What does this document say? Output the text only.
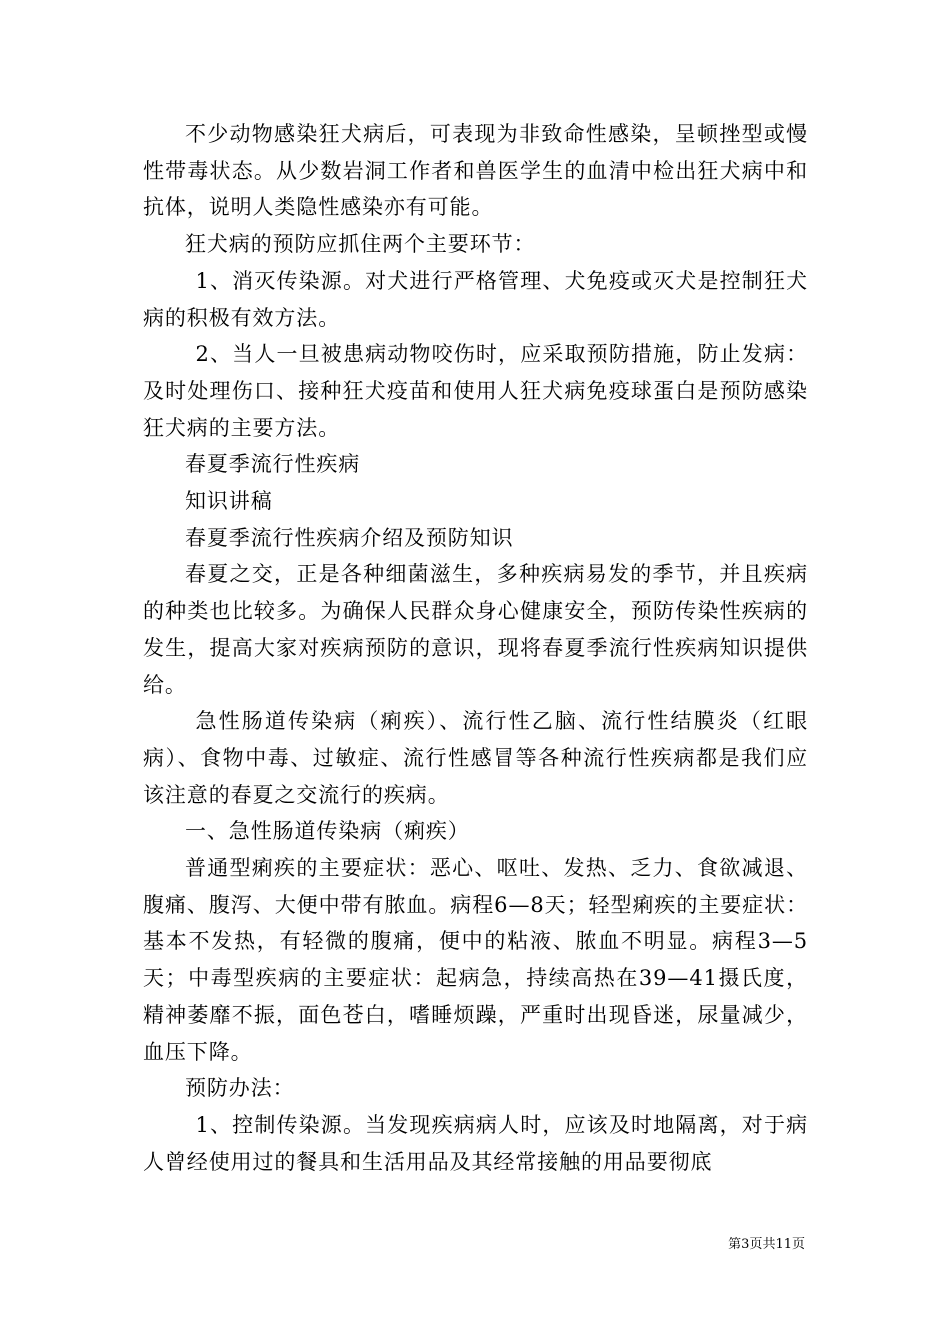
不少动物感染狂犬病后，可表现为非致命性感染，呈顿挫型或慢性带毒状态。从少数岩洞工作者和兽医学生的血清中检出狂犬病中和抗体，说明人类隐性感染亦有可能。

狂犬病的预防应抓住两个主要环节：

1、消灭传染源。对犬进行严格管理、犬免疫或灭犬是控制狂犬病的积极有效方法。

2、当人一旦被患病动物咬伤时，应采取预防措施，防止发病：及时处理伤口、接种狂犬疫苗和使用人狂犬病免疫球蛋白是预防感染狂犬病的主要方法。

春夏季流行性疾病

知识讲稿

春夏季流行性疾病介绍及预防知识

春夏之交，正是各种细菌滋生，多种疾病易发的季节，并且疾病的种类也比较多。为确保人民群众身心健康安全，预防传染性疾病的发生，提高大家对疾病预防的意识，现将春夏季流行性疾病知识提供给。

急性肠道传染病（痢疾）、流行性乙脑、流行性结膜炎（红眼病）、食物中毒、过敏症、流行性感冒等各种流行性疾病都是我们应该注意的春夏之交流行的疾病。

一、急性肠道传染病（痢疾）

普通型痢疾的主要症状：恶心、呕吐、发热、乏力、食欲减退、腹痛、腹泻、大便中带有脓血。病程6—8天；轻型痢疾的主要症状：基本不发热，有轻微的腹痛，便中的粘液、脓血不明显。病程3—5天；中毒型疾病的主要症状：起病急，持续高热在39—41摄氏度，精神萎靡不振，面色苍白，嗜睡烦躁，严重时出现昏迷，尿量减少，血压下降。

预防办法：

1、控制传染源。当发现疾病病人时，应该及时地隔离，对于病人曾经使用过的餐具和生活用品及其经常接触的用品要彻底

第3页共11页
